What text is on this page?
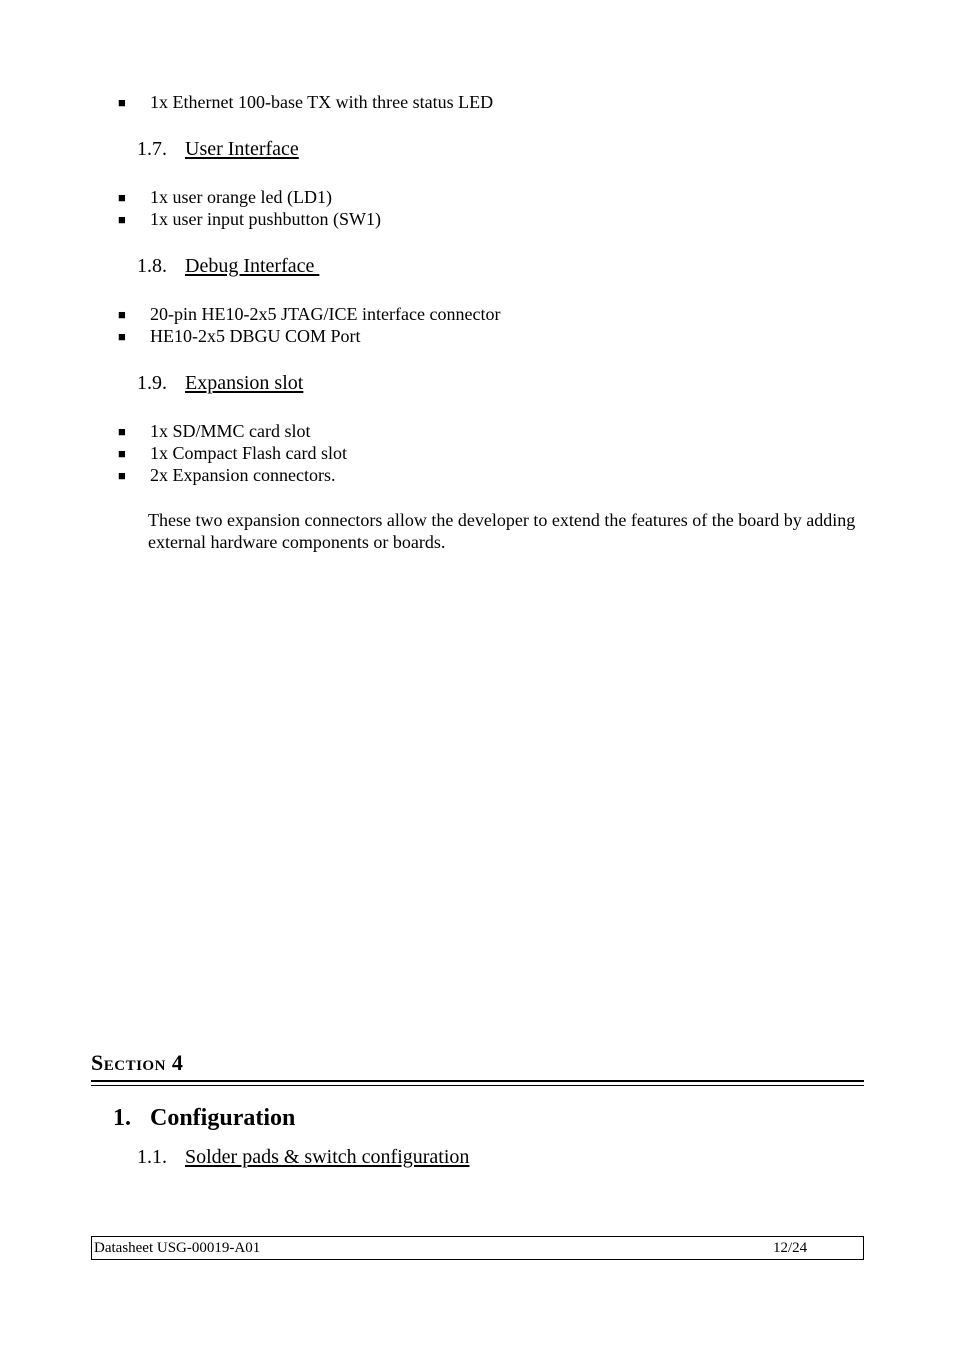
■ 1x Ethernet 100-base TX with three status LED
1.7. User Interface
■ 1x user orange led (LD1)
■ 1x user input pushbutton (SW1)
1.8. Debug Interface
■ 20-pin HE10-2x5 JTAG/ICE interface connector
■ HE10-2x5 DBGU COM Port
1.9. Expansion slot
■ 1x SD/MMC card slot
■ 1x Compact Flash card slot
■ 2x Expansion connectors.
These two expansion connectors allow the developer to extend the features of the board by adding external hardware components or boards.
Section 4
1. Configuration
1.1. Solder pads & switch configuration
Datasheet USG-00019-A01	12/24
